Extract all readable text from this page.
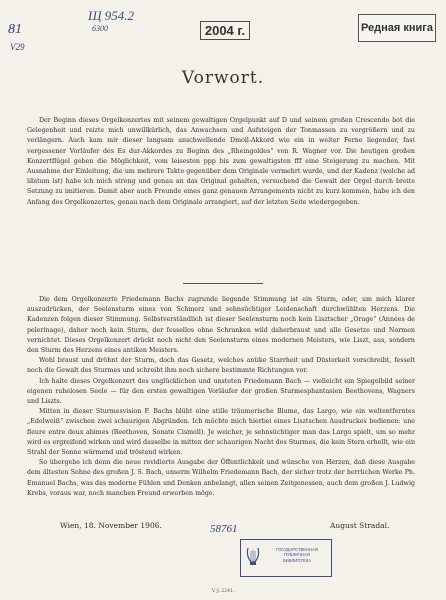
Щ 954.2
6300
81
V29
2004 г.	Редная книга
Vorwort.

Der Beginn dieses Orgelkonzertes mit seinem gewaltigen Orgelpunkt auf D und seinem großen Crescendo bot die Gelegenheit und reizte mich unwillkürlich, das Anwachsen und Aufsteigen der Tonmassen zu vergrößern und zu verlängern. Auch kam mir dieser langsam anschwellende Dmoll-Akkord wie ein in weiter Ferne liegender, fast vergessener Vorläufer des Es dur-Akkordes zu Beginn des „Rheingoldes“ von R. Wagner vor. Die heutigen großen Konzertflügel geben die Möglichkeit, vom leisesten ppp bis zum gewaltigsten fff eine Steigerung zu machen. Mit Ausnahme der Einleitung, die um mehrere Takte gegenüber dem Originale vermehrt wurde, und der Kadenz (welche ad libitum ist) habe ich mich streng und genau an das Original gehalten, versuchend die Gewalt der Orgel durch breite Setzung zu imitieren. Damit aber auch Freunde eines ganz genauen Arrangements nicht zu kurz kommen, habe ich den Anfang des Orgelkonzertes, genau nach dem Originale arrangiert, auf der letzten Seite wiedergegeben.

Die dem Orgelkonzerte Friedemann Bachs zugrunde liegende Stimmung ist ein Sturm, oder, um mich klarer auszudrücken, der Seelensturm eines von Schmerz und sehnsüchtiger Leidenschaft durchwühlten Herzens. Die Kadenzen folgen dieser Stimmung. Selbstverständlich ist dieser Seelensturm noch kein Lisztscher „Orage“ (Années de pelerinage), daher noch kein Sturm, der fessellos ohne Schranken wild daherbraust und alle Gesetze und Normen vernichtet. Dieses Orgelkonzert drückt noch nicht den Seelensturm eines modernen Meisters, wie Liszt, aus, sondern den Sturm des Herzens eines antiken Meisters.

Wohl braust und dröhnt der Sturm, doch das Gesetz, welches antike Starrheit und Düsterkeit vorschreibt, fesselt noch die Gewalt des Sturmes und schreibt ihm noch sichere bestimmte Richtungen vor.

Ich halte dieses Orgelkonzert des unglücklichen und unsteten Friedemann Bach — vielleicht ein Spiegelbild seiner eigenen ruhelosen Seele — für den ersten gewaltigen Vorläufer der großen Sturmesphantasien Beethovens, Wagners und Liszts.

Mitten in dieser Sturmesvision F. Bachs blüht eine stille träumerische Blume, das Largo, wie ein weltentferntes „Edelweiß“ zwischen zwei schaurigen Abgründen. Ich möchte mich hierbei eines Lisztschen Ausdruckes bedienen: une fleure entre deux abimes (Beethoven, Sonate Cismoll). Je weicher, je sehnsüchtiger man das Largo spielt, um so mehr wird es ergreifend wirken und wird dasselbe in mitten der schaurigen Nacht des Sturmes, die kein Stern erhellt, wie ein Strahl der Sonne wärmend und tröstend wirken.

So übergebe ich denn die neue revidierte Ausgabe der Öffentlichkeit und wünsche von Herzen, daß diese Ausgabe dem ältesten Sohne des großen J. S. Bach, unserm Wilhelm Friedemann Bach, der sicher trotz der herrlichen Werke Ph. Emanuel Bachs, was das moderne Fühlen und Denken anbelangt, allen seinen Zeitgenossen, auch dem großen J. Ludwig Krebs, voraus war, noch manchen Freund erwerben möge.

Wien, 18. November 1906.	August Stradal.
58761
ГОСУДАРСТВЕННАЯ
ПУБЛИЧНАЯ
БИБЛИОТЕКА
V.-J. 2241.
